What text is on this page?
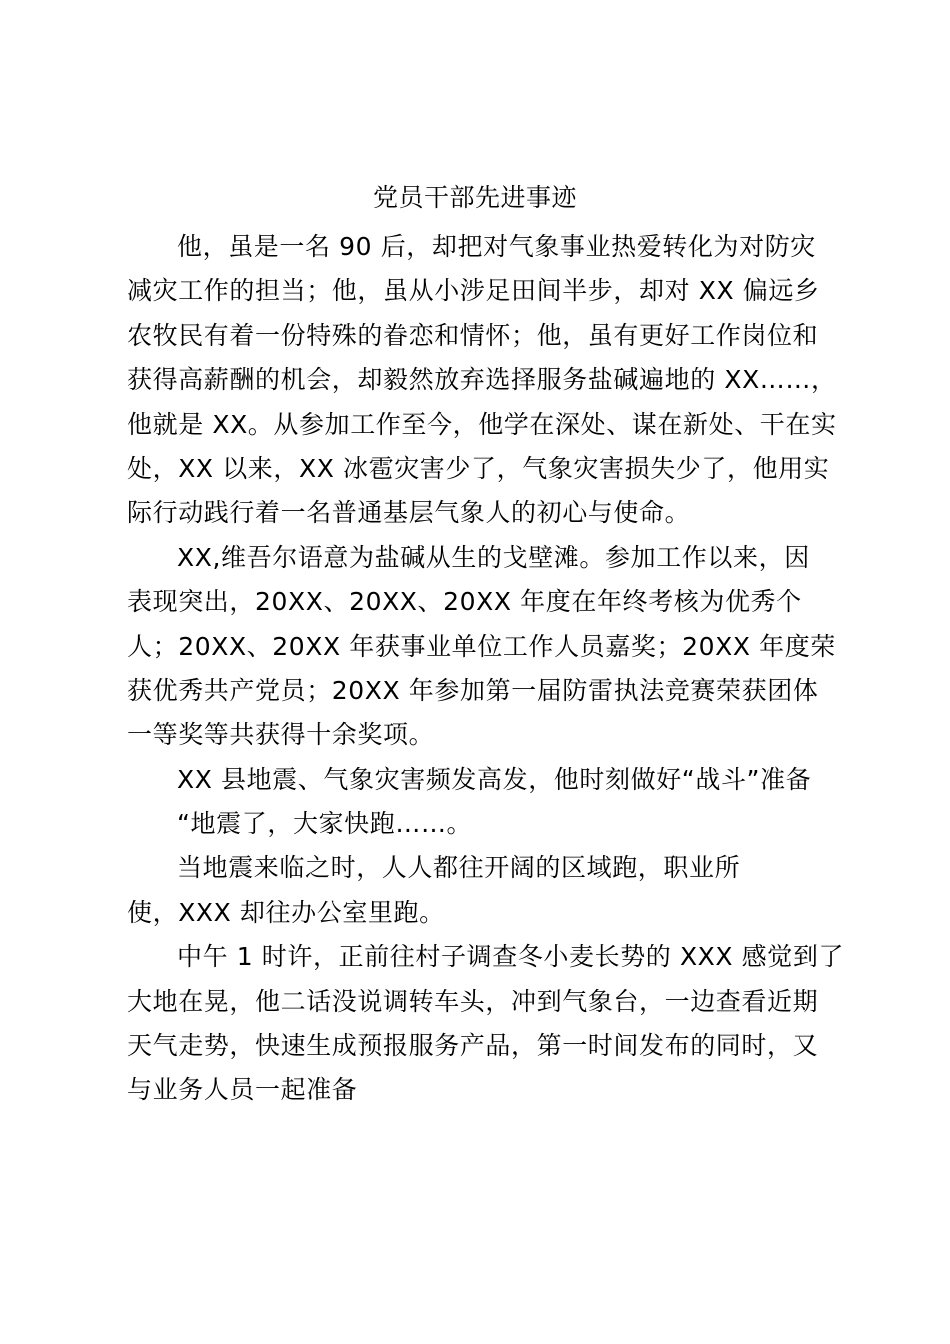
党员干部先进事迹
他，虽是一名 90 后，却把对气象事业热爱转化为对防灾
减灾工作的担当；他，虽从小涉足田间半步，却对 XX 偏远乡
农牧民有着一份特殊的眷恋和情怀；他，虽有更好工作岗位和
获得高薪酬的机会，却毅然放弃选择服务盐碱遍地的 XX……，
他就是 XX。从参加工作至今，他学在深处、谋在新处、干在实
处，XX 以来，XX 冰雹灾害少了，气象灾害损失少了，他用实
际行动践行着一名普通基层气象人的初心与使命。
XX,维吾尔语意为盐碱从生的戈壁滩。参加工作以来，因
表现突出，20XX、20XX、20XX 年度在年终考核为优秀个
人；20XX、20XX 年获事业单位工作人员嘉奖；20XX 年度荣
获优秀共产党员；20XX 年参加第一届防雷执法竞赛荣获团体
一等奖等共获得十余奖项。
XX 县地震、气象灾害频发高发，他时刻做好“战斗”准备
“地震了，大家快跑……。
当地震来临之时，人人都往开阔的区域跑，职业所
使，XXX 却往办公室里跑。
中午 1 时许，正前往村子调查冬小麦长势的 XXX 感觉到了
大地在晃，他二话没说调转车头，冲到气象台，一边查看近期
天气走势，快速生成预报服务产品，第一时间发布的同时，又
与业务人员一起准备
